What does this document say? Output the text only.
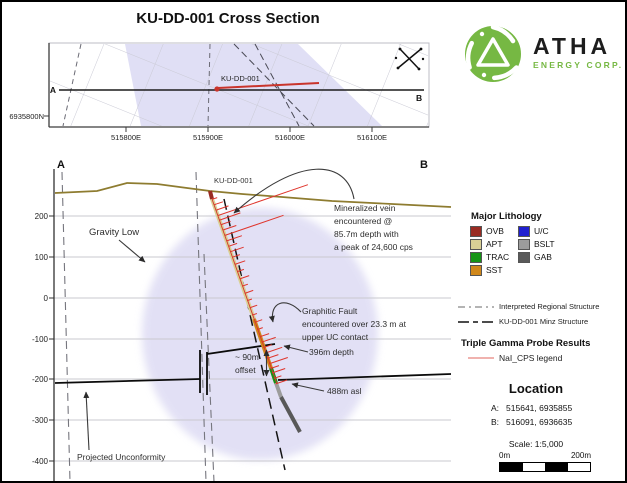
KU-DD-001 Cross Section
ATHA
ENERGY CORP.
515800E	515900E	516000E	516100E
6935800N
A
B
KU-DD-001
200
100
0
-100
-200
-300
-400
A	B
KU-DD-001
Gravity Low
Mineralized vein
encountered @
85.7m depth with
a peak of 24,600 cps
Graphitic Fault
encountered over 23.3 m at
upper UC contact
396m depth
488m asl
~ 90m
offset
Projected Unconformity
Major Lithology
OVB	U/C
APT	BSLT
TRAC	GAB
SST
Interpreted Regional Structure
KU-DD-001 Minz Structure
Triple Gamma Probe Results
NaI_CPS legend
Location
A: 515641, 6935855
B: 516091, 6936635
Scale: 1:5,000
0m	200m
